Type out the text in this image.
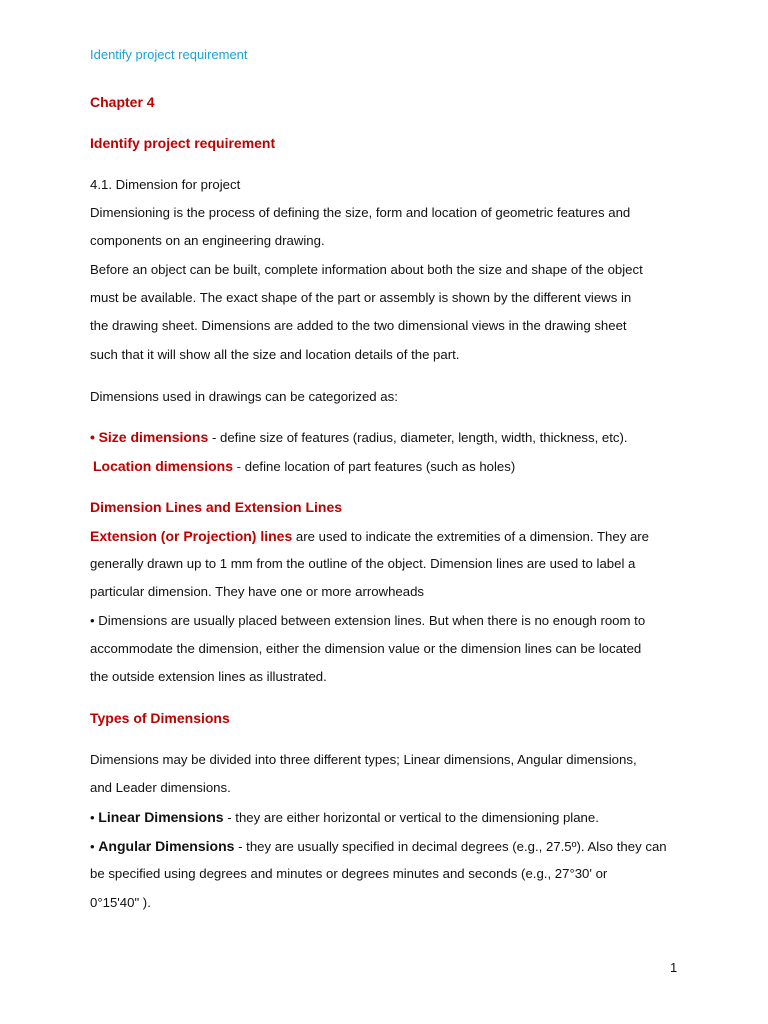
Identify project requirement
Chapter 4
Identify project requirement
4.1. Dimension for project
Dimensioning is the process of defining the size, form and location of geometric features and
components on an engineering drawing.
Before an object can be built, complete information about both the size and shape of the object
must be available. The exact shape of the part or assembly is shown by the different views in
the drawing sheet. Dimensions are added to the two dimensional views in the drawing sheet
such that it will show all the size and location details of the part.
Dimensions used in drawings can be categorized as:
• Size dimensions - define size of features (radius, diameter, length, width, thickness, etc).
Location dimensions - define location of part features (such as holes)
Dimension Lines and Extension Lines
Extension (or Projection) lines are used to indicate the extremities of a dimension. They are
generally drawn up to 1 mm from the outline of the object. Dimension lines are used to label a
particular dimension. They have one or more arrowheads
• Dimensions are usually placed between extension lines. But when there is no enough room to
accommodate the dimension, either the dimension value or the dimension lines can be located
the outside extension lines as illustrated.
Types of Dimensions
Dimensions may be divided into three different types; Linear dimensions, Angular dimensions,
and Leader dimensions.
• Linear Dimensions - they are either horizontal or vertical to the dimensioning plane.
• Angular Dimensions - they are usually specified in decimal degrees (e.g., 27.5º). Also they can
be specified using degrees and minutes or degrees minutes and seconds (e.g., 27°30' or
0°15'40" ).
1
